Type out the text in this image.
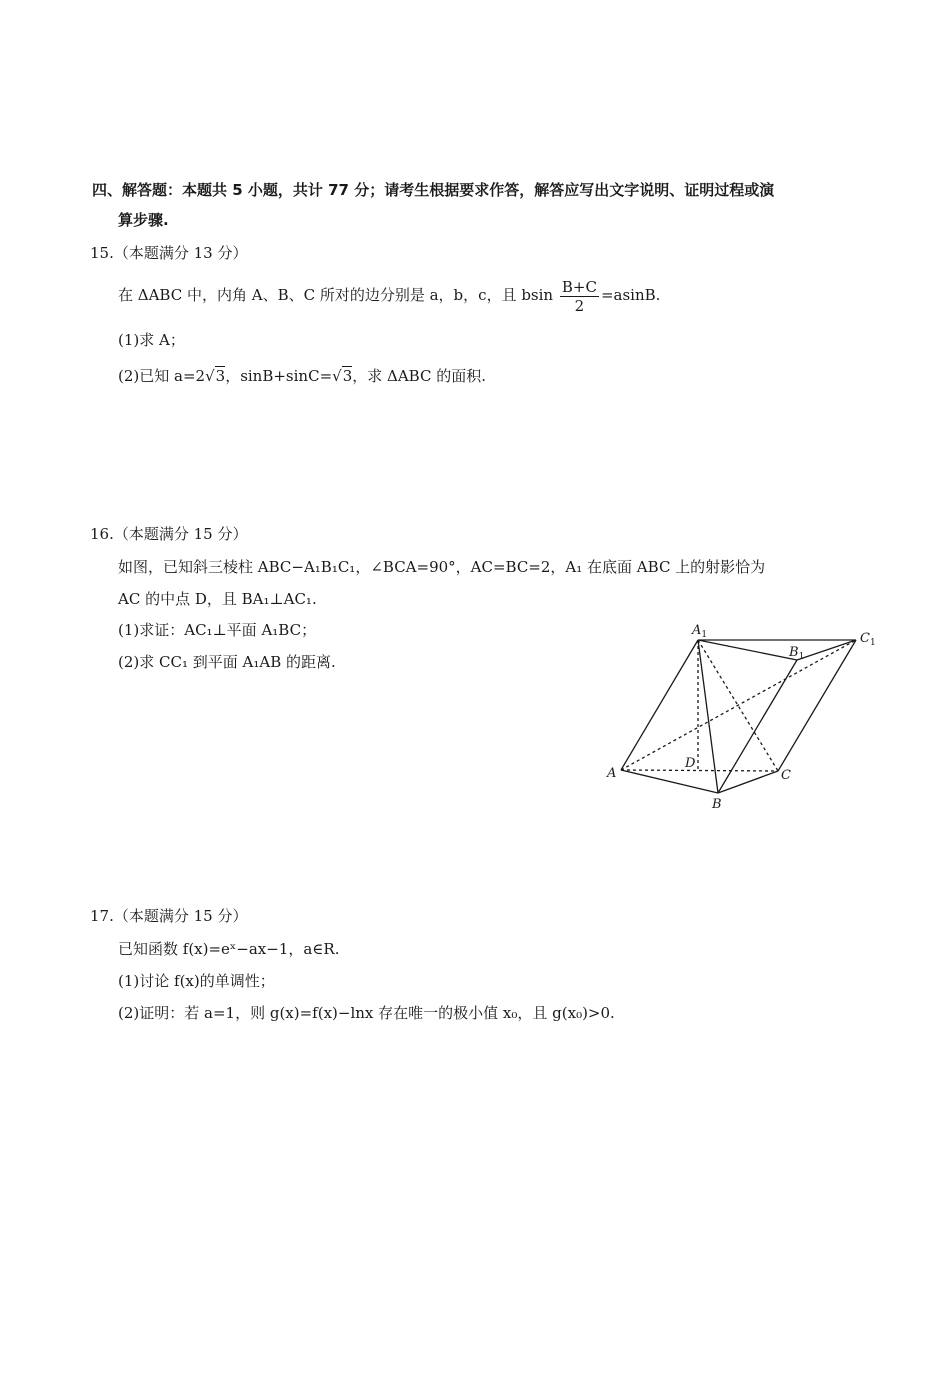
四、解答题：本题共 5 小题，共计 77 分；请考生根据要求作答，解答应写出文字说明、证明过程或演
算步骤.
15.（本题满分 13 分）
在 ΔABC 中，内角 A、B、C 所对的边分别是 a，b，c，且 bsin $\frac{B+C}{2} =asinB$.
(1)求 A；
(2)已知 a=2√3，sinB+sinC=√3，求 ΔABC 的面积.
16.（本题满分 15 分）
如图，已知斜三棱柱 ABC−A₁B₁C₁，∠BCA=90°，AC=BC=2，A₁ 在底面 ABC 上的射影恰为
AC 的中点 D，且 BA₁⊥AC₁.
(1)求证：AC₁⊥平面 A₁BC；
(2)求 CC₁ 到平面 A₁AB 的距离.
$A_1$
$B_1$
$C_1$
A
B
C
D
17.（本题满分 15 分）
已知函数 f(x)=eˣ−ax−1，a∈R.
(1)讨论 f(x)的单调性；
(2)证明：若 a=1，则 g(x)=f(x)−lnx 存在唯一的极小值 x₀，且 g(x₀)>0.
